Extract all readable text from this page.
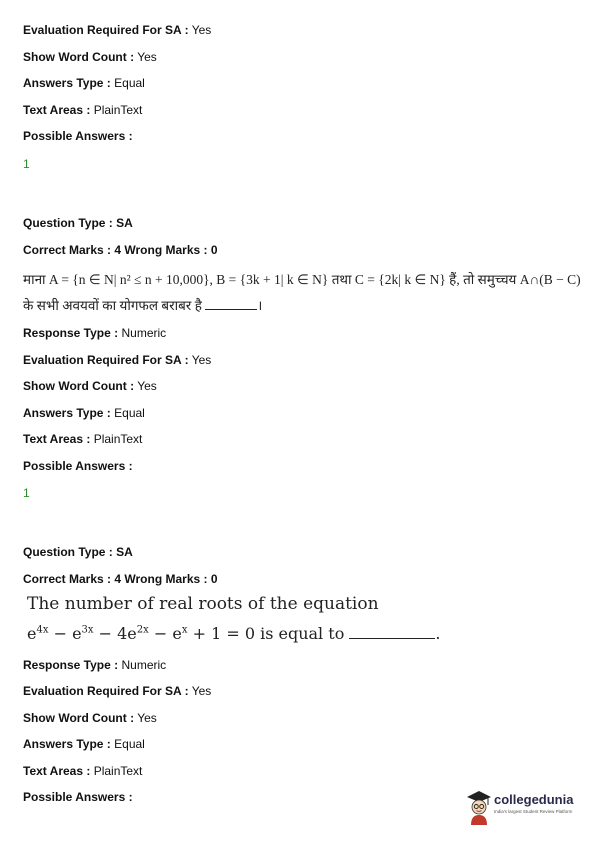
Evaluation Required For SA : Yes
Show Word Count : Yes
Answers Type : Equal
Text Areas : PlainText
Possible Answers :
1
Question Type : SA
Correct Marks : 4 Wrong Marks : 0
माना A = {n ∈ N| n² ≤ n + 10,000}, B = {3k + 1| k ∈ N} तथा C = {2k| k ∈ N} हैं, तो समुच्चय A∩(B − C)
के सभी अवयवों का योगफल बराबर है	।
Response Type : Numeric
Evaluation Required For SA : Yes
Show Word Count : Yes
Answers Type : Equal
Text Areas : PlainText
Possible Answers :
1
Question Type : SA
Correct Marks : 4 Wrong Marks : 0
The number of real roots of the equation
$e^{4x} - e^{3x} - 4e^{2x} - e^x + 1 = 0$ is equal to	.
Response Type : Numeric
Evaluation Required For SA : Yes
Show Word Count : Yes
Answers Type : Equal
Text Areas : PlainText
Possible Answers :	collegedunia
India's largest Student Review Platform
